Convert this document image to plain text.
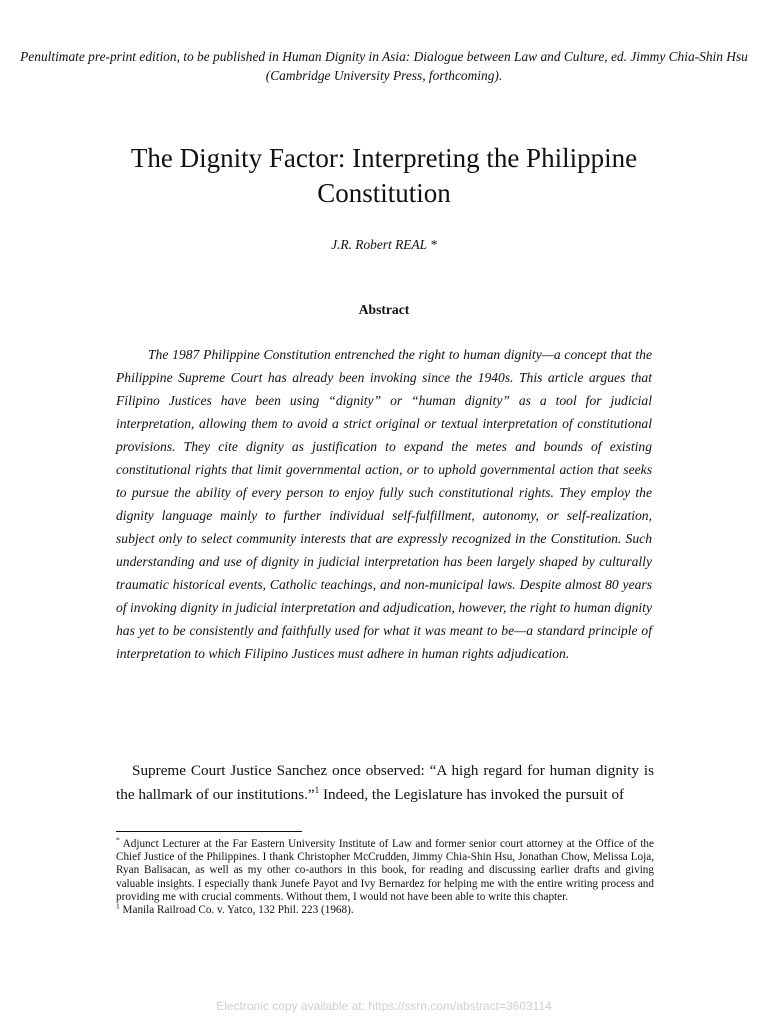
Penultimate pre-print edition, to be published in Human Dignity in Asia: Dialogue between Law and Culture, ed. Jimmy Chia-Shin Hsu (Cambridge University Press, forthcoming).
The Dignity Factor: Interpreting the Philippine Constitution
J.R. Robert REAL *
Abstract

The 1987 Philippine Constitution entrenched the right to human dignity—a concept that the Philippine Supreme Court has already been invoking since the 1940s. This article argues that Filipino Justices have been using “dignity” or “human dignity” as a tool for judicial interpretation, allowing them to avoid a strict original or textual interpretation of constitutional provisions. They cite dignity as justification to expand the metes and bounds of existing constitutional rights that limit governmental action, or to uphold governmental action that seeks to pursue the ability of every person to enjoy fully such constitutional rights. They employ the dignity language mainly to further individual self-fulfillment, autonomy, or self-realization, subject only to select community interests that are expressly recognized in the Constitution. Such understanding and use of dignity in judicial interpretation has been largely shaped by culturally traumatic historical events, Catholic teachings, and non-municipal laws. Despite almost 80 years of invoking dignity in judicial interpretation and adjudication, however, the right to human dignity has yet to be consistently and faithfully used for what it was meant to be—a standard principle of interpretation to which Filipino Justices must adhere in human rights adjudication.

Supreme Court Justice Sanchez once observed: “A high regard for human dignity is the hallmark of our institutions.”$^1$ Indeed, the Legislature has invoked the pursuit of

* Adjunct Lecturer at the Far Eastern University Institute of Law and former senior court attorney at the Office of the Chief Justice of the Philippines. I thank Christopher McCrudden, Jimmy Chia-Shin Hsu, Jonathan Chow, Melissa Loja, Ryan Balisacan, as well as my other co-authors in this book, for reading and discussing earlier drafts and giving valuable insights. I especially thank Junefe Payot and Ivy Bernardez for helping me with the entire writing process and providing me with crucial comments. Without them, I would not have been able to write this chapter.

$^1$ Manila Railroad Co. v. Yatco, 132 Phil. 223 (1968).

Electronic copy available at: https://ssrn.com/abstract=3603114
